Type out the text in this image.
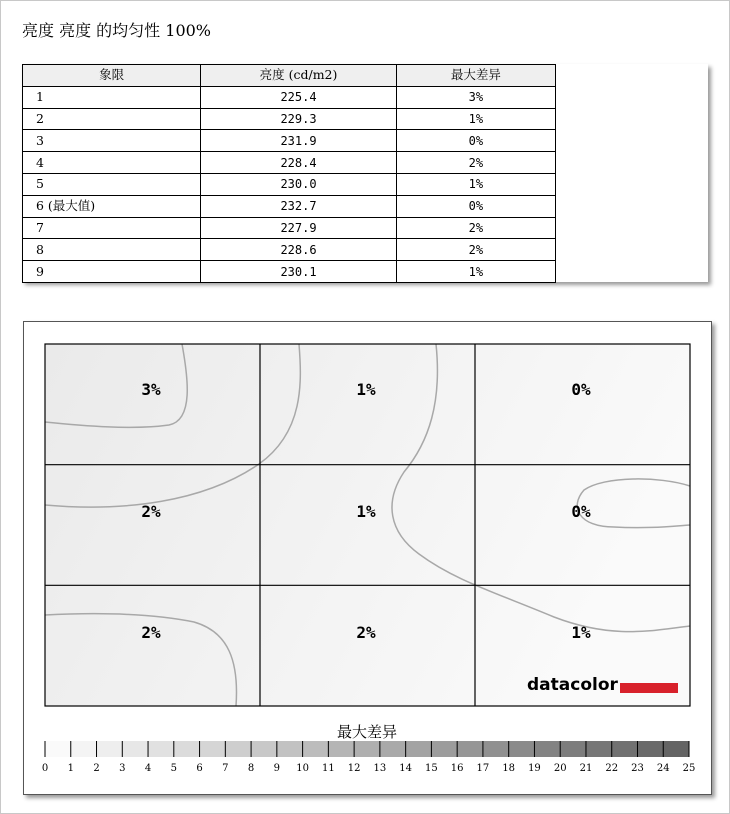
亮度 亮度 的均匀性 100%
象限	亮度 (cd/m2)	最大差异
1	225.4	3%
2	229.3	1%
3	231.9	0%
4	228.4	2%
5	230.0	1%
6 (最大值)	232.7	0%
7	227.9	2%
8	228.6	2%
9	230.1	1%
3%	1%	0%
2%	1%	0%
2%	2%	1%
datacolor
最大差异
0 1 2 3 4 5 6 7 8 9 10 11 12 13 14 15 16 17 18 19 20 21 22 23 24 25
